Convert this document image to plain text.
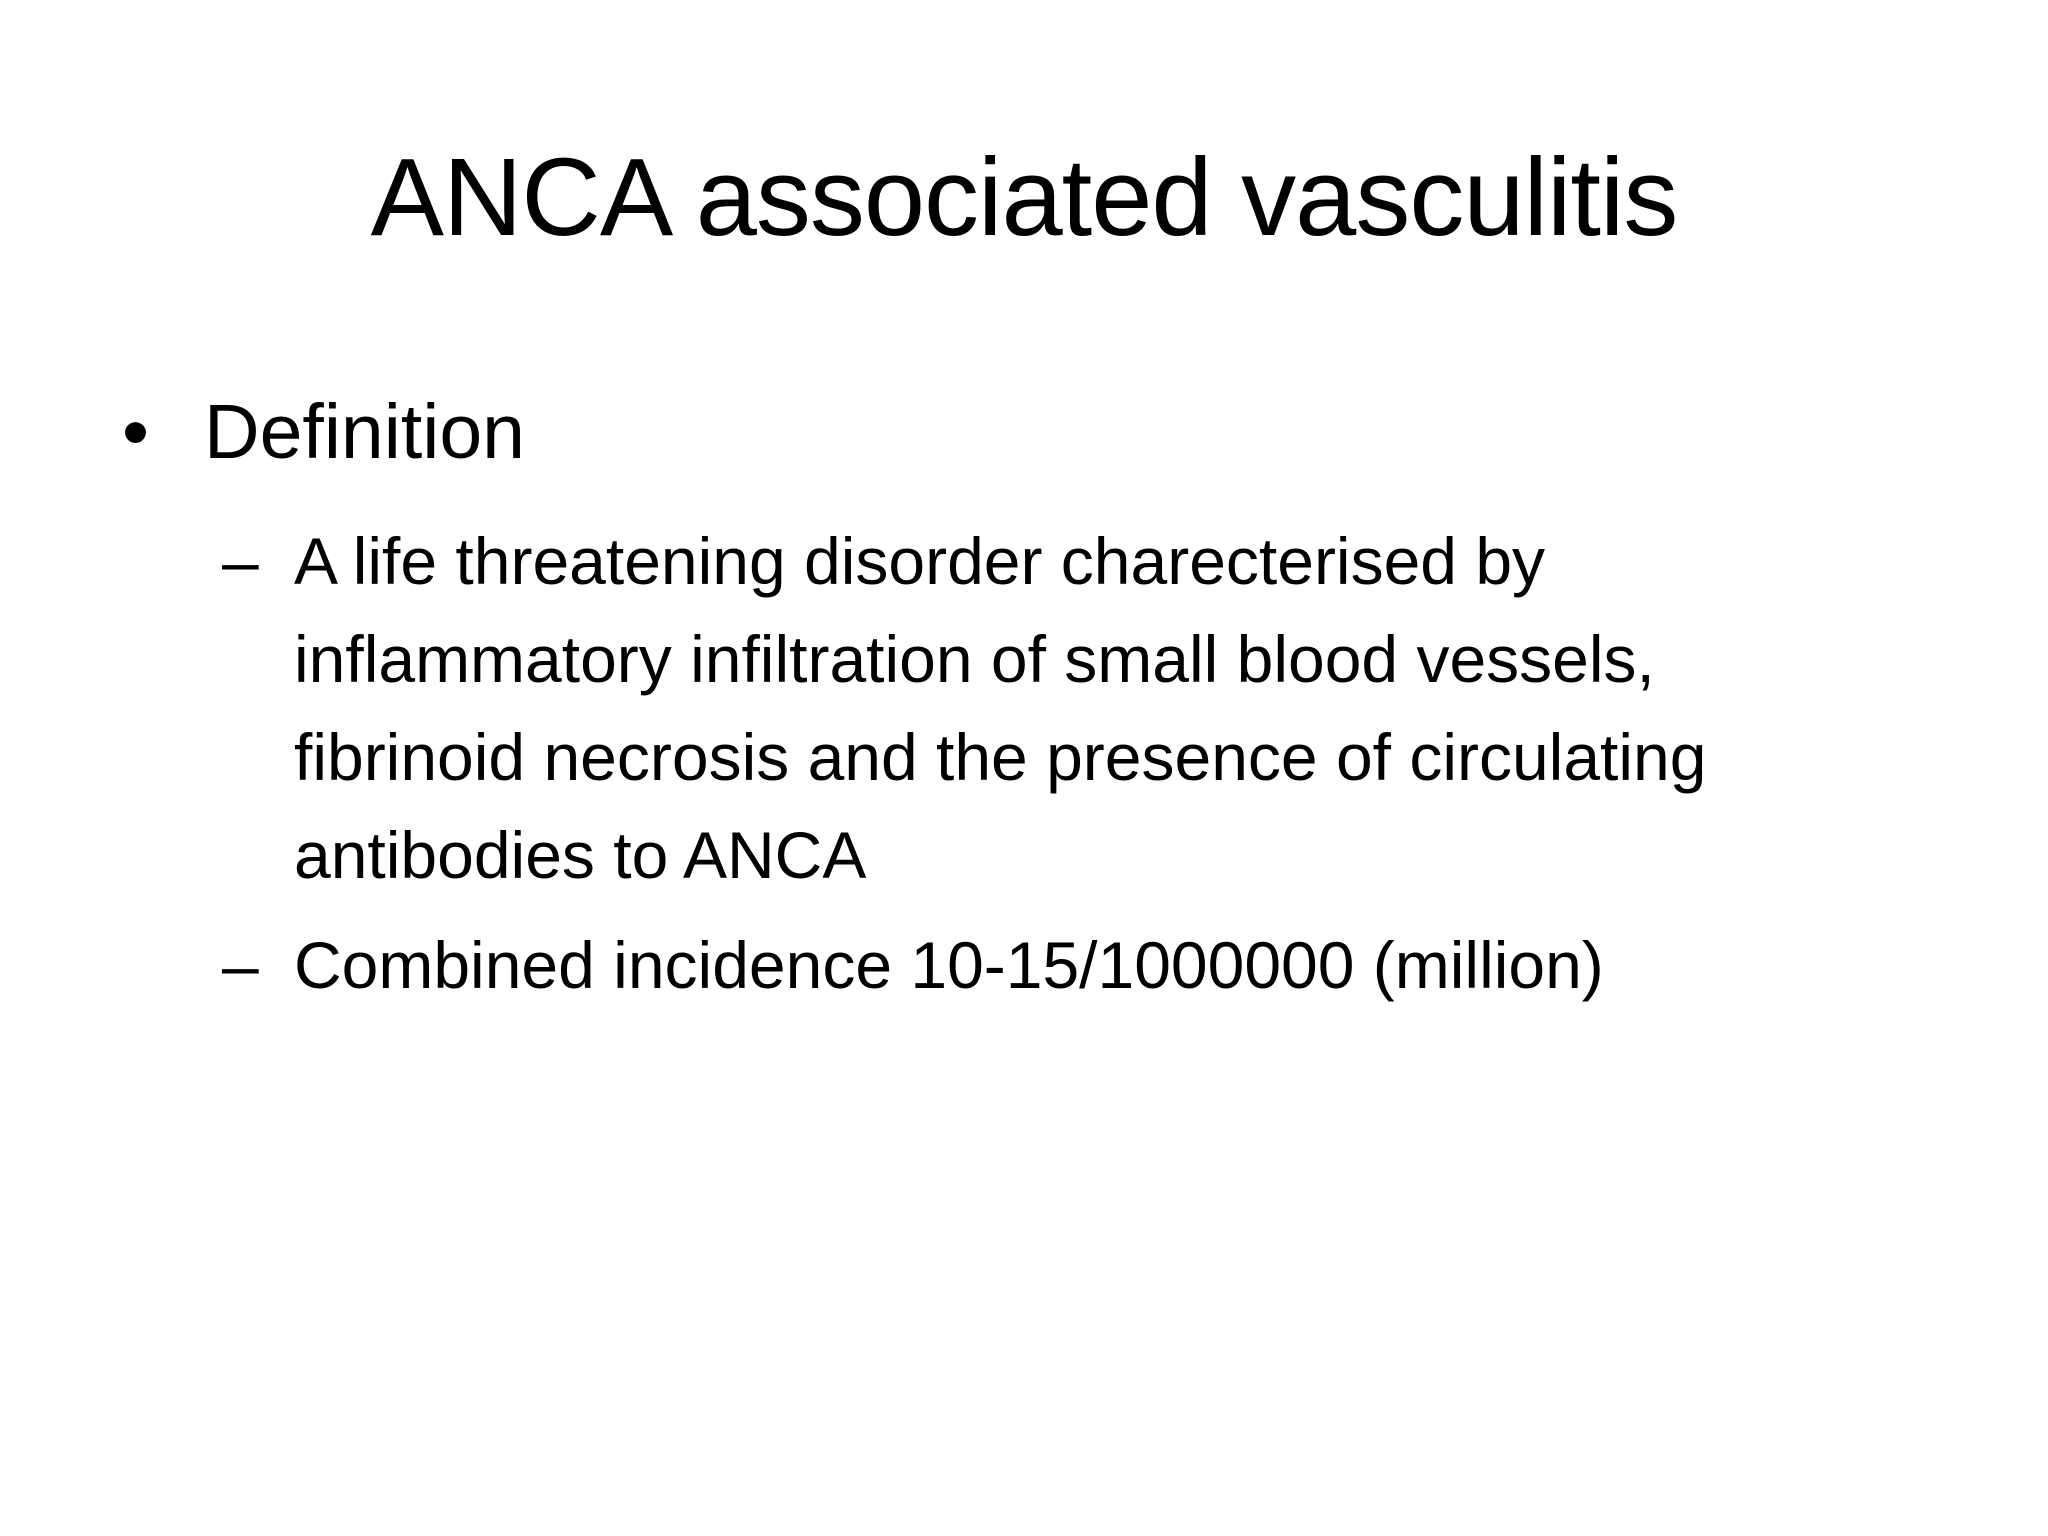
ANCA associated vasculitis
• Definition
– A life threatening disorder charecterised by
inflammatory infiltration of small blood vessels,
fibrinoid necrosis and the presence of circulating
antibodies to ANCA
– Combined incidence 10-15/1000000 (million)
